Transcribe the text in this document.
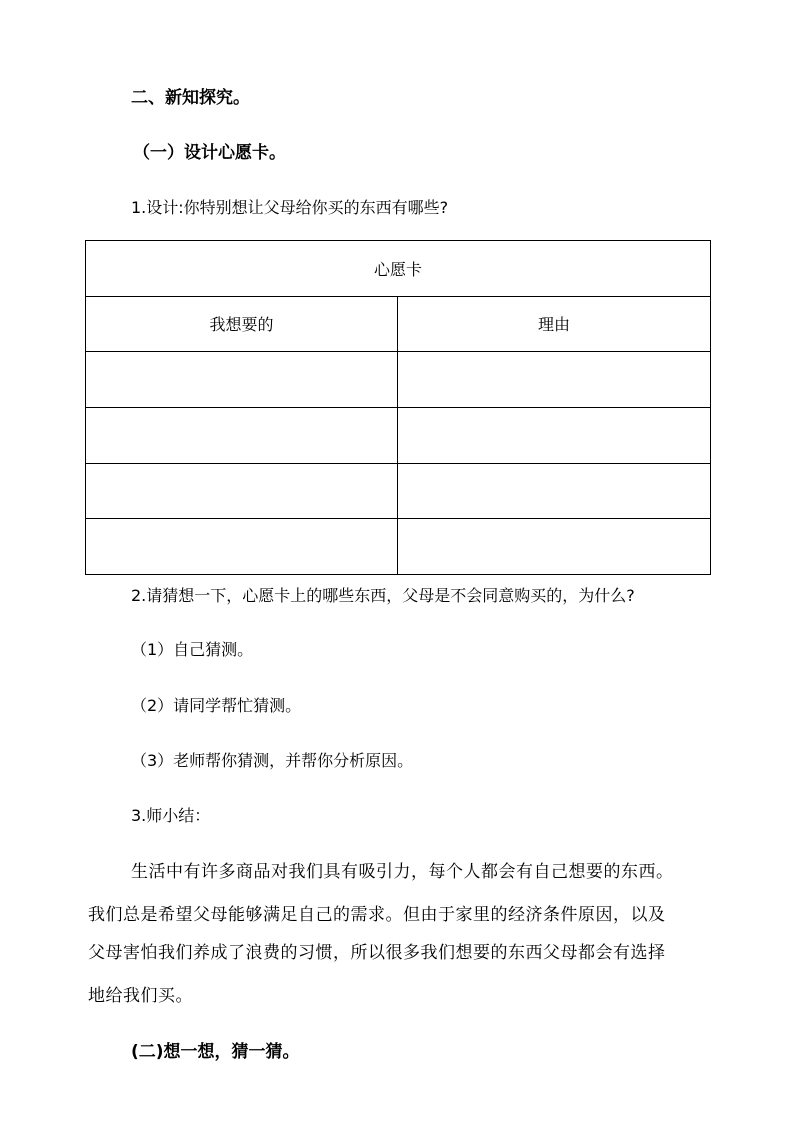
二、新知探究。
（一）设计心愿卡。
1.设计:你特别想让父母给你买的东西有哪些?
心愿卡	
我想要的	理由

2.请猜想一下，心愿卡上的哪些东西，父母是不会同意购买的，为什么?
（1）自己猜测。
（2）请同学帮忙猜测。
（3）老师帮你猜测，并帮你分析原因。
3.师小结：
生活中有许多商品对我们具有吸引力，每个人都会有自己想要的东西。
我们总是希望父母能够满足自己的需求。但由于家里的经济条件原因，以及
父母害怕我们养成了浪费的习惯，所以很多我们想要的东西父母都会有选择
地给我们买。
(二)想一想，猜一猜。
